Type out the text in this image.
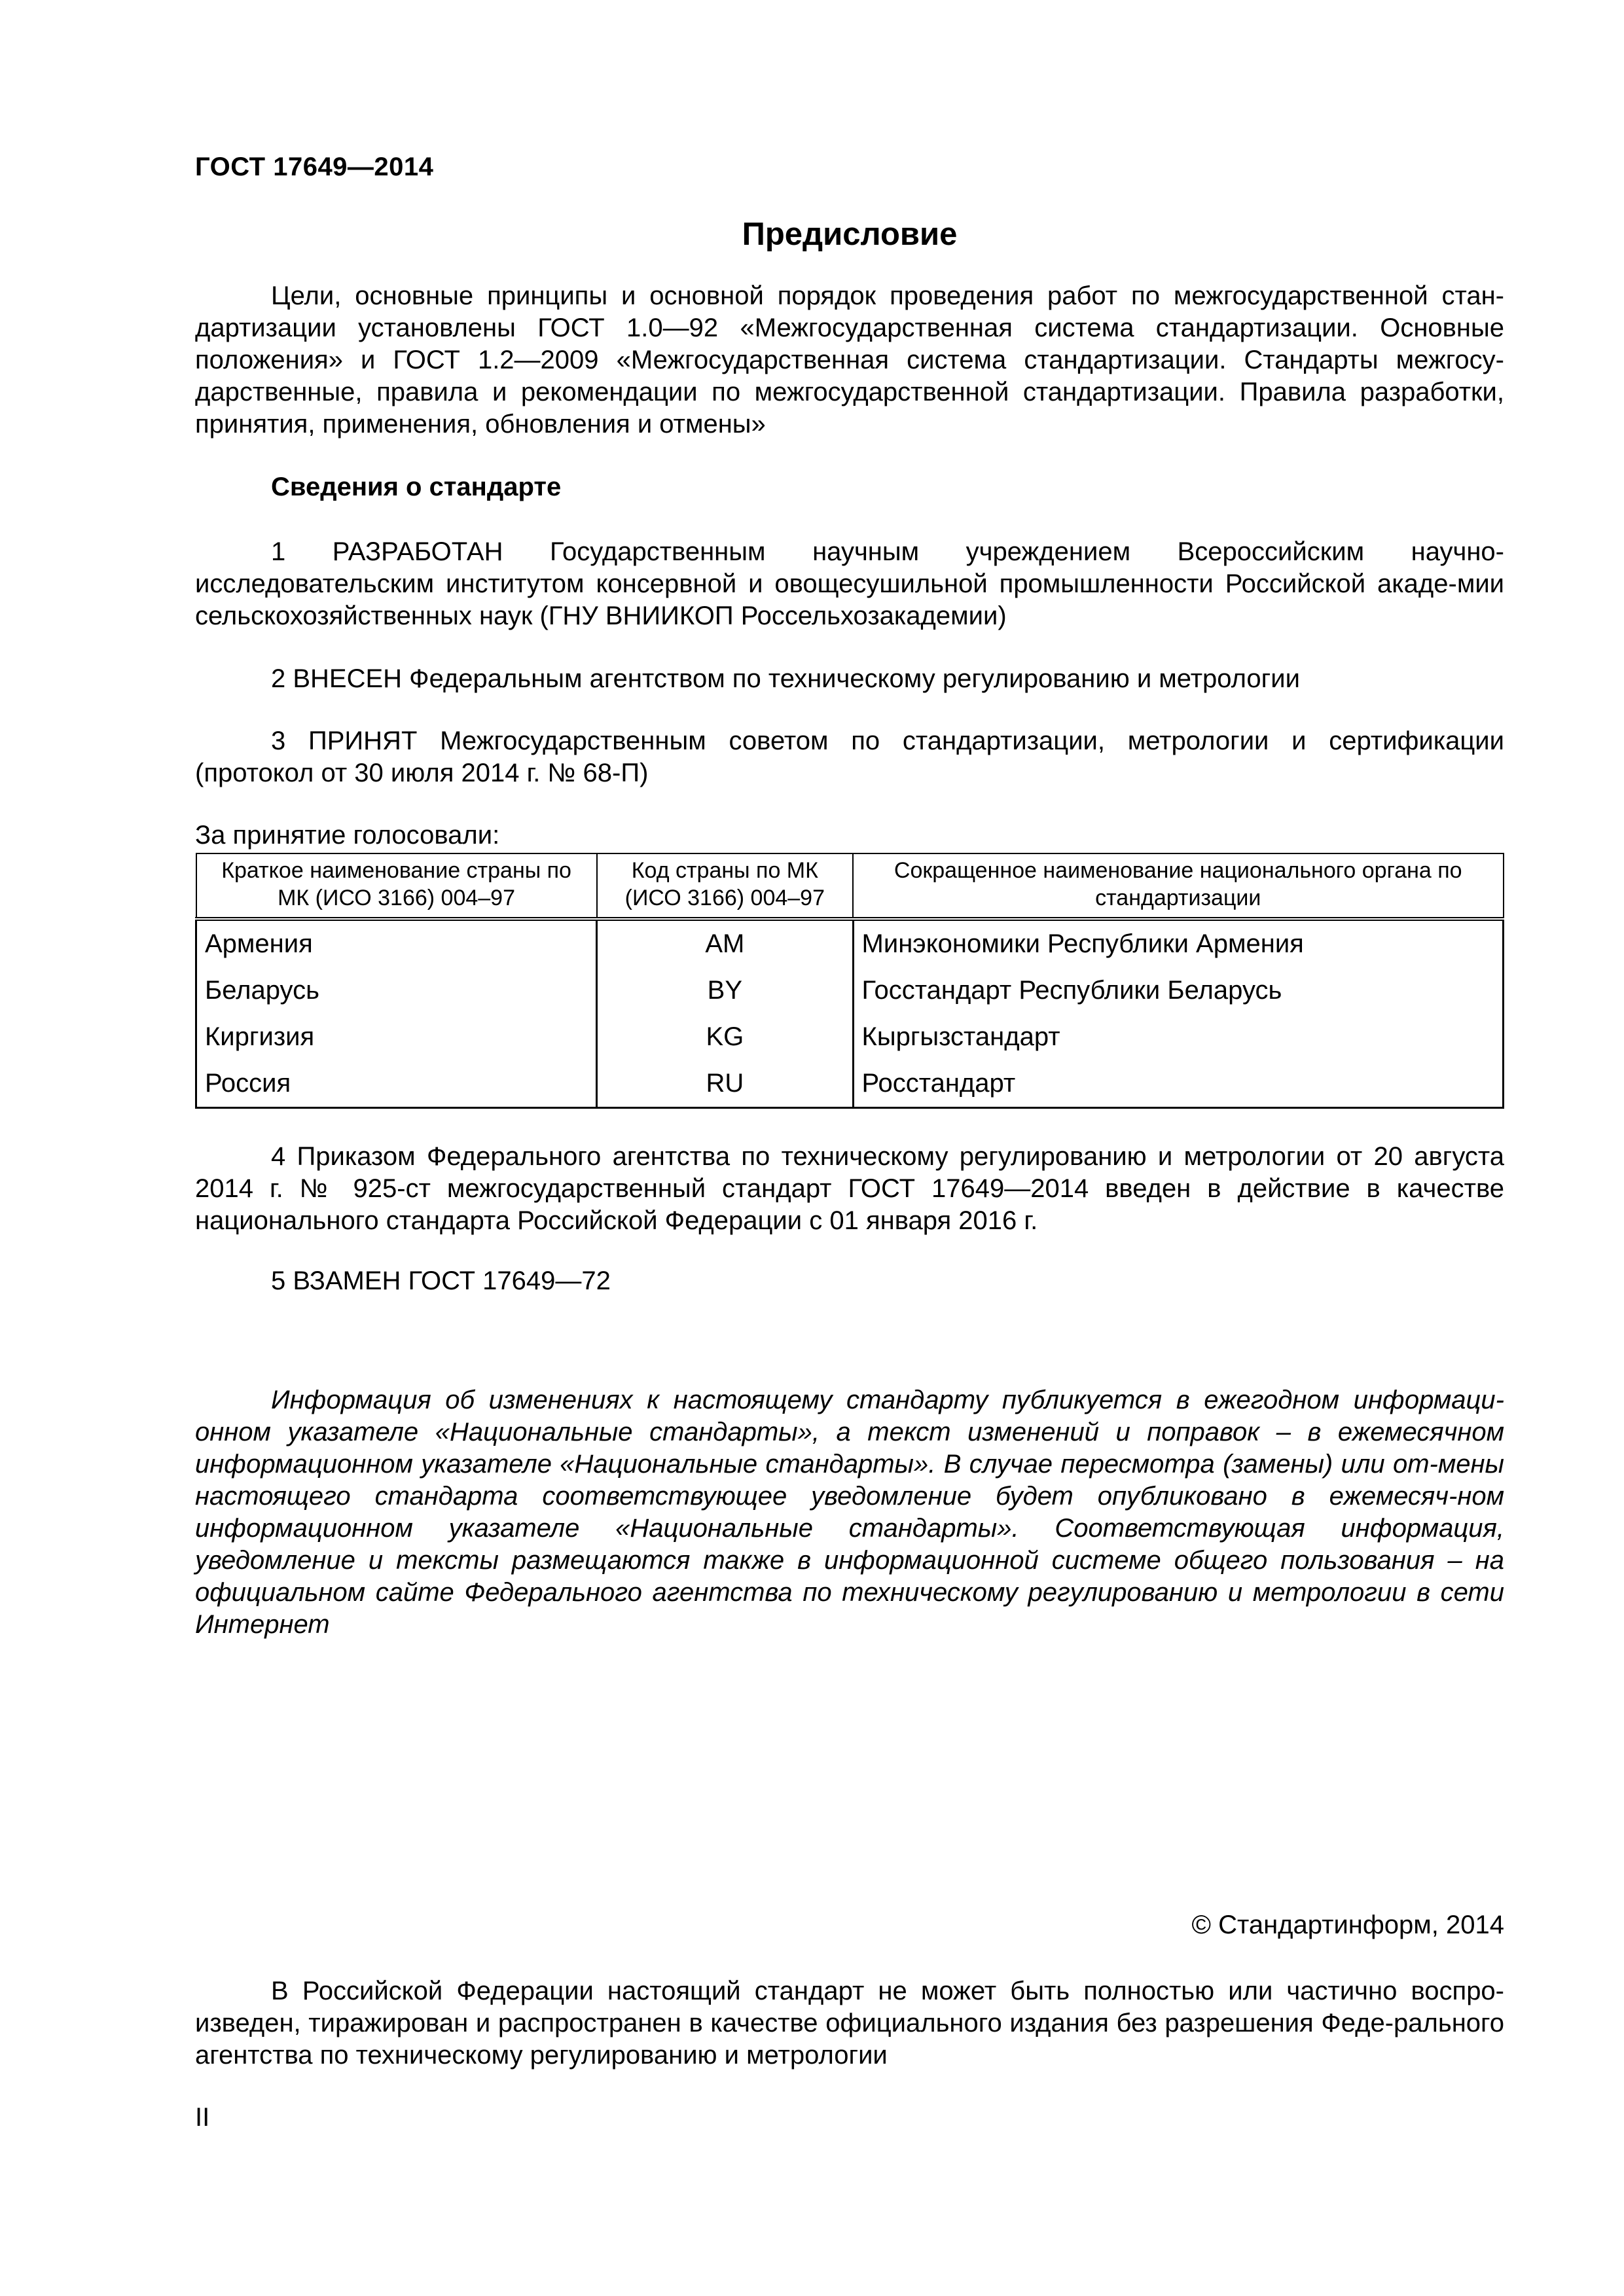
ГОСТ 17649—2014
Предисловие

Цели, основные принципы и основной порядок проведения работ по межгосударственной стан-дартизации установлены ГОСТ 1.0—92 «Межгосударственная система стандартизации. Основные положения» и ГОСТ 1.2—2009 «Межгосударственная система стандартизации. Стандарты межгосу-дарственные, правила и рекомендации по межгосударственной стандартизации. Правила разработки, принятия, применения, обновления и отмены»

Сведения о стандарте

1 РАЗРАБОТАН Государственным научным учреждением Всероссийским научно-исследовательским институтом консервной и овощесушильной промышленности Российской акаде-мии сельскохозяйственных наук (ГНУ ВНИИКОП Россельхозакадемии)

2 ВНЕСЕН Федеральным агентством по техническому регулированию и метрологии

3 ПРИНЯТ Межгосударственным советом по стандартизации, метрологии и сертификации (протокол от 30 июля 2014 г. № 68-П)

За принятие голосовали:
Краткое наименование страны по МК (ИСО 3166) 004–97	Код страны по МК (ИСО 3166) 004–97	Сокращенное наименование национального органа по стандартизации
Армения	AM	Минэкономики Республики Армения
Беларусь	BY	Госстандарт Республики Беларусь
Киргизия	KG	Кыргызстандарт
Россия	RU	Росстандарт

4 Приказом Федерального агентства по техническому регулированию и метрологии от 20 августа 2014 г. № 925-ст межгосударственный стандарт ГОСТ 17649—2014 введен в действие в качестве национального стандарта Российской Федерации с 01 января 2016 г.

5 ВЗАМЕН ГОСТ 17649—72

Информация об изменениях к настоящему стандарту публикуется в ежегодном информаци-онном указателе «Национальные стандарты», а текст изменений и поправок – в ежемесячном информационном указателе «Национальные стандарты». В случае пересмотра (замены) или от-мены настоящего стандарта соответствующее уведомление будет опубликовано в ежемесяч-ном информационном указателе «Национальные стандарты». Соответствующая информация, уведомление и тексты размещаются также в информационной системе общего пользования – на официальном сайте Федерального агентства по техническому регулированию и метрологии в сети Интернет

© Стандартинформ, 2014

В Российской Федерации настоящий стандарт не может быть полностью или частично воспро-изведен, тиражирован и распространен в качестве официального издания без разрешения Феде-рального агентства по техническому регулированию и метрологии

II
